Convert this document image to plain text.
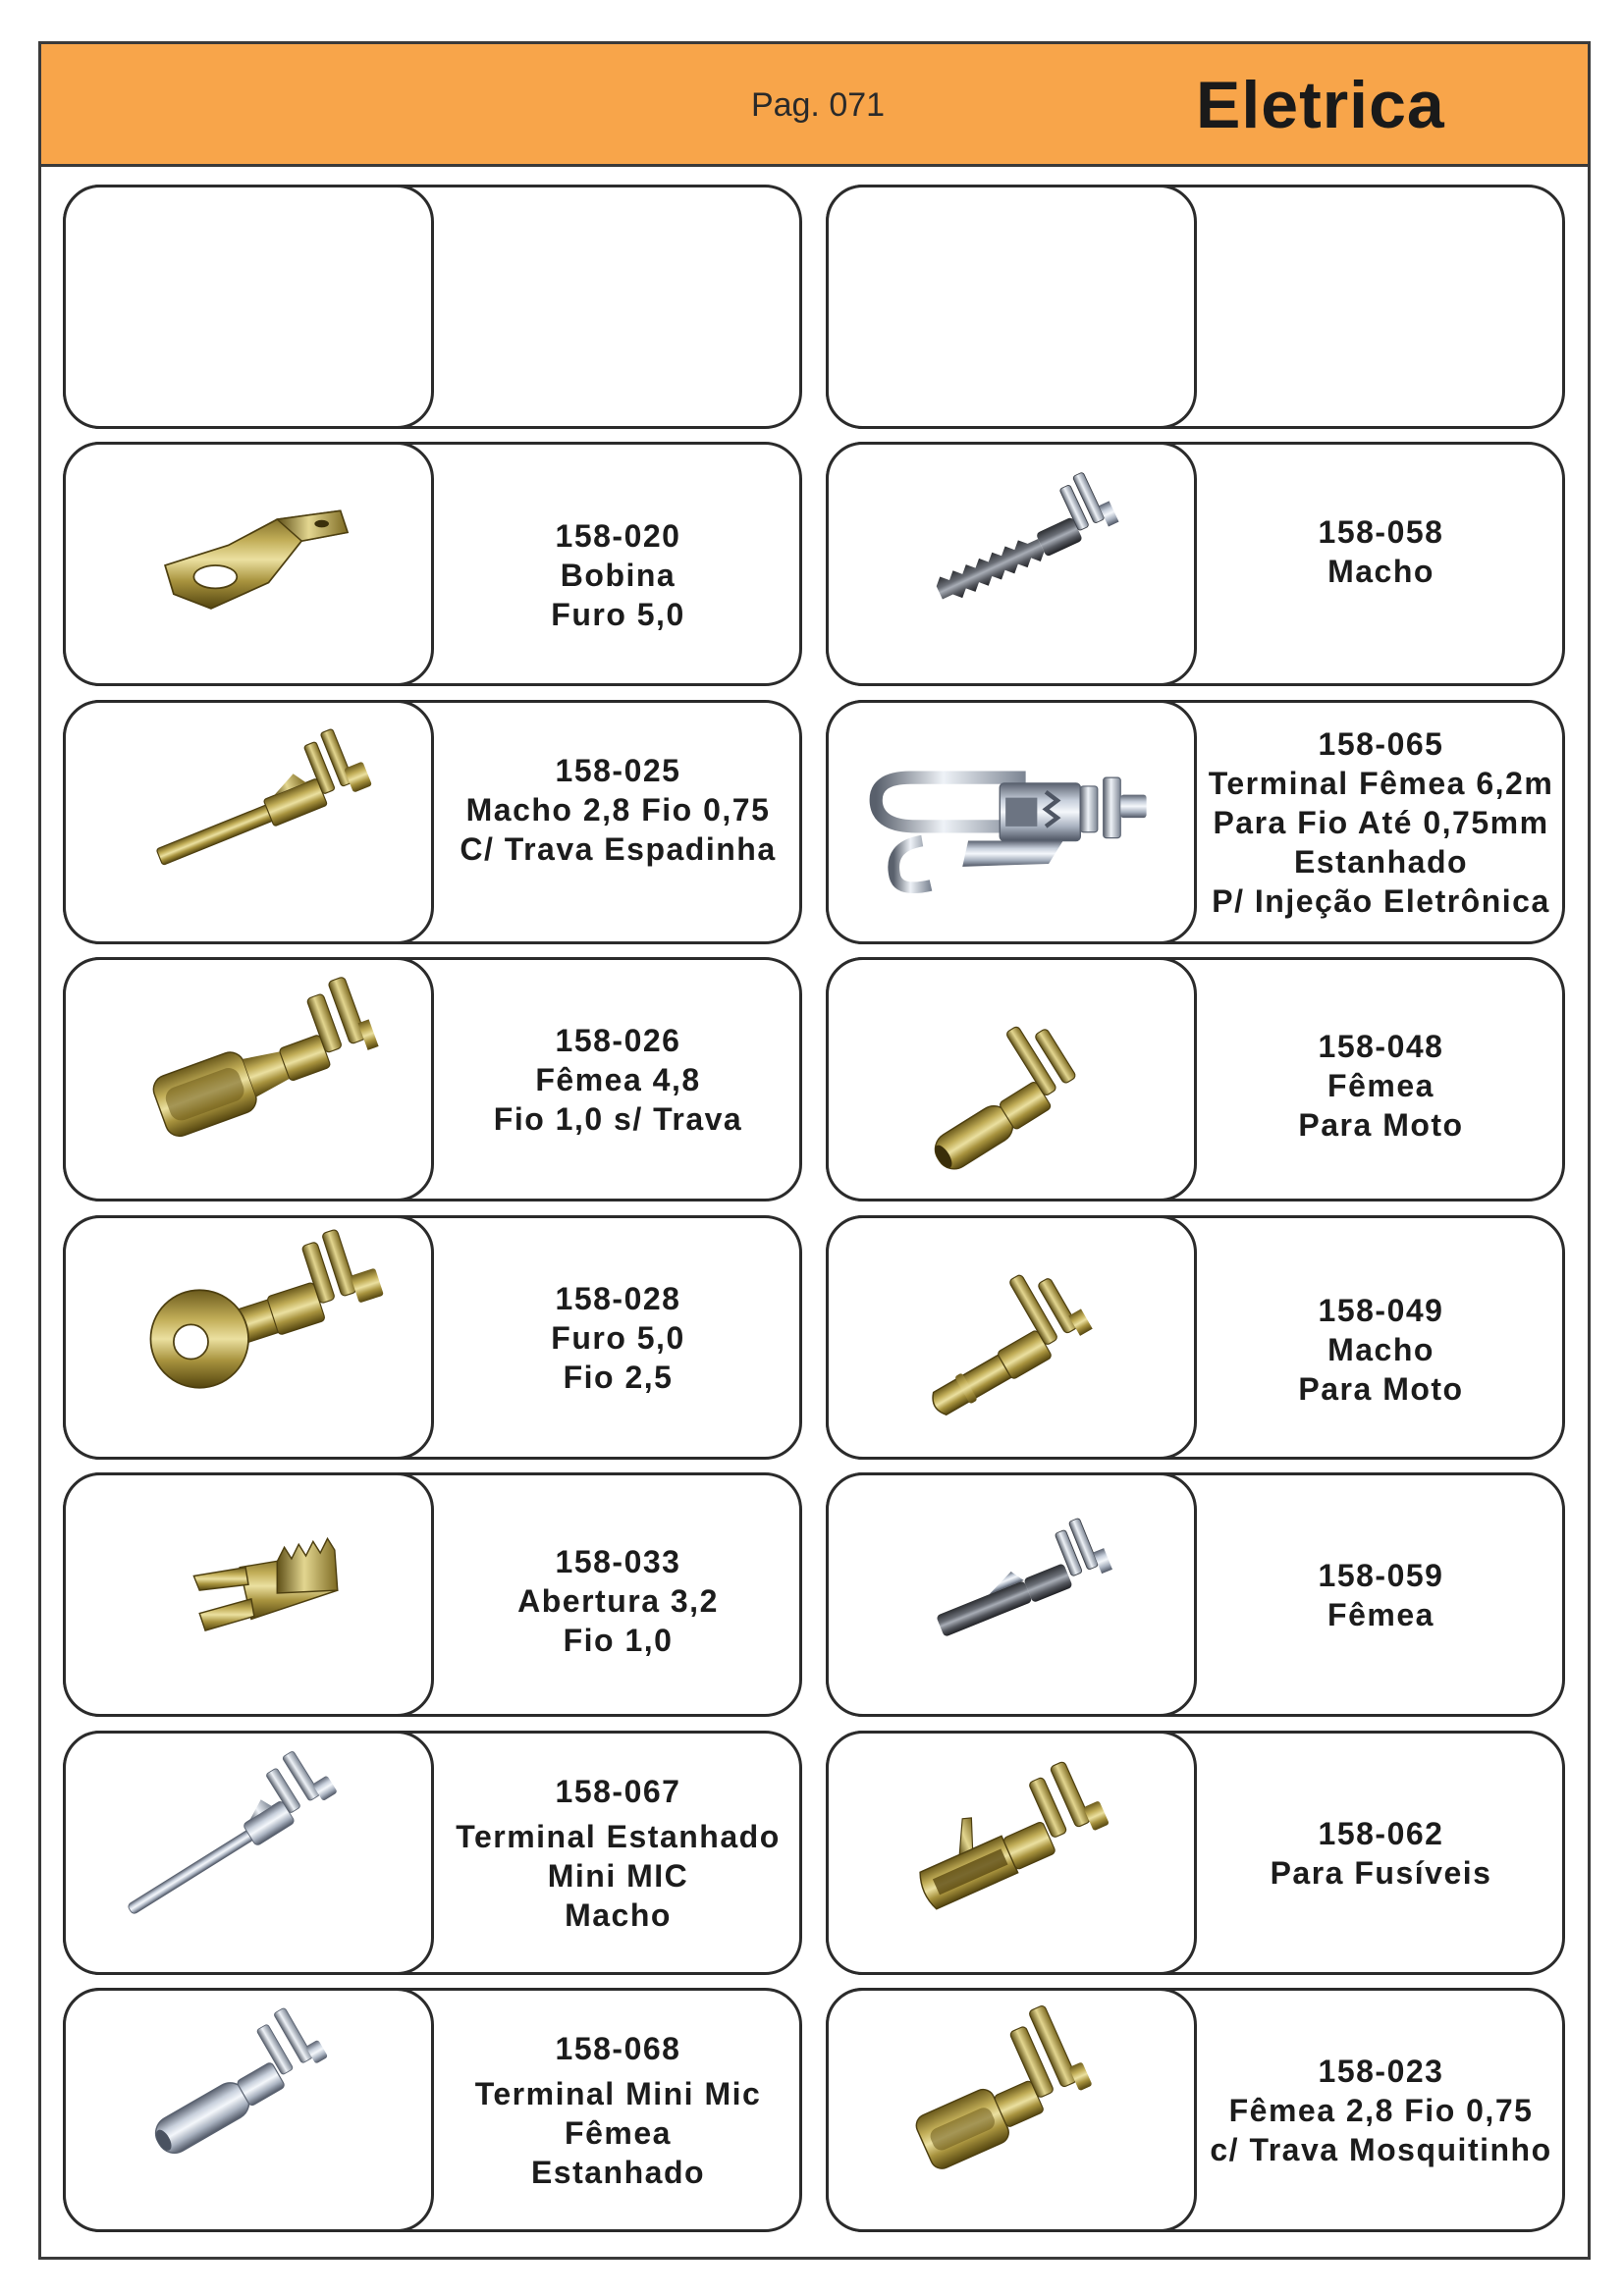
Pag. 071	Eletrica
158-020
Bobina
Furo 5,0
158-058
Macho
158-025
Macho 2,8 Fio 0,75
C/ Trava Espadinha
158-065
Terminal Fêmea 6,2m
Para Fio Até 0,75mm
Estanhado
P/ Injeção Eletrônica
158-026
Fêmea 4,8
Fio 1,0 s/ Trava
158-048
Fêmea
Para Moto
158-028
Furo 5,0
Fio 2,5
158-049
Macho
Para Moto
158-033
Abertura 3,2
Fio 1,0
158-059
Fêmea
158-067
Terminal Estanhado
Mini MIC
Macho
158-062
Para Fusíveis
158-068
Terminal Mini Mic
Fêmea
Estanhado
158-023
Fêmea 2,8 Fio 0,75
c/ Trava Mosquitinho
